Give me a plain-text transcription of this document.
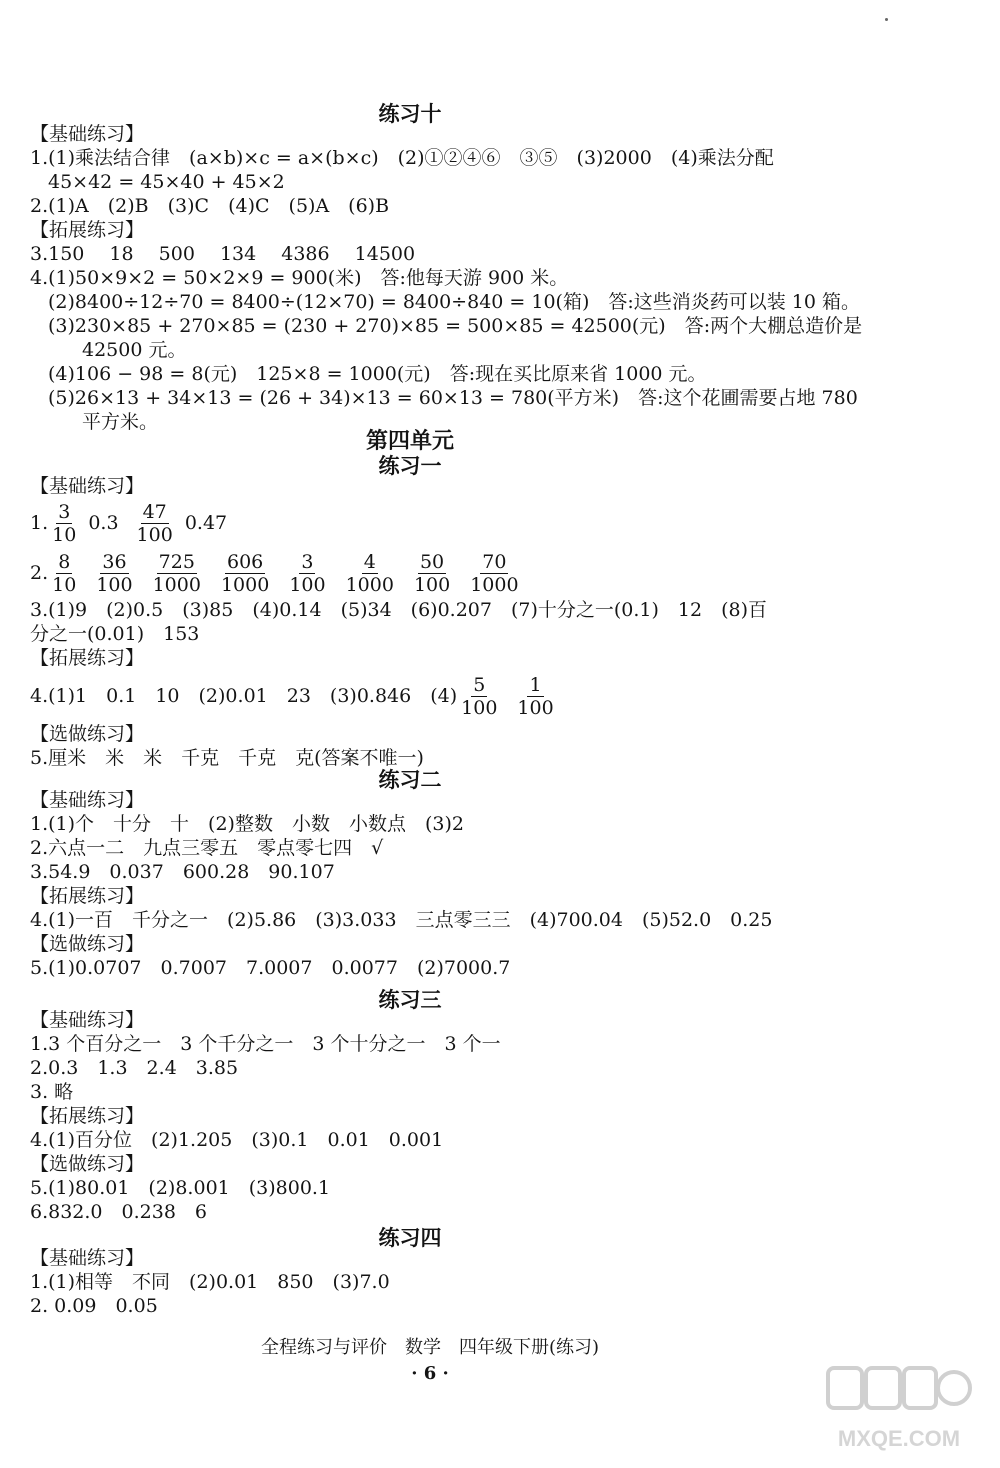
练习十
【基础练习】
1.(1)乘法结合律　(a×b)×c = a×(b×c)　(2)①②④⑥　③⑤　(3)2000　(4)乘法分配
45×42 = 45×40 + 45×2
2.(1)A　(2)B　(3)C　(4)C　(5)A　(6)B
【拓展练习】
3.150　 18　 500　 134　 4386　 14500
4.(1)50×9×2 = 50×2×9 = 900(米)　答:他每天游 900 米。
(2)8400÷12÷70 = 8400÷(12×70) = 8400÷840 = 10(箱)　答:这些消炎药可以装 10 箱。
(3)230×85 + 270×85 = (230 + 270)×85 = 500×85 = 42500(元)　答:两个大棚总造价是
42500 元。
(4)106 − 98 = 8(元)　125×8 = 1000(元)　答:现在买比原来省 1000 元。
(5)26×13 + 34×13 = (26 + 34)×13 = 60×13 = 780(平方米)　答:这个花圃需要占地 780
平方米。
第四单元
练习一
【基础练习】
1. $\frac{3}{10} 0.3 \frac{47}{100} 0.47$
2. $\frac{8}{10} \frac{36}{100} \frac{725}{1000} \frac{606}{1000} \frac{3}{100} \frac{4}{1000} \frac{50}{100} \frac{70}{1000}$
3.(1)9　(2)0.5　(3)85　(4)0.14　(5)34　(6)0.207　(7)十分之一(0.1)　12　(8)百
分之一(0.01)　153
【拓展练习】
4.(1)1　0.1　10　(2)0.01　23　(3)0.846　$(4) \frac{5}{100} \frac{1}{100}$
【选做练习】
5.厘米　米　米　千克　千克　克(答案不唯一)
练习二
【基础练习】
1.(1)个　十分　十　(2)整数　小数　小数点　(3)2
2.六点一二　九点三零五　零点零七四　√
3.54.9　0.037　600.28　90.107
【拓展练习】
4.(1)一百　千分之一　(2)5.86　(3)3.033　三点零三三　(4)700.04　(5)52.0　0.25
【选做练习】
5.(1)0.0707　0.7007　7.0007　0.0077　(2)7000.7
练习三
【基础练习】
1.3 个百分之一　3 个千分之一　3 个十分之一　3 个一
2.0.3　1.3　2.4　3.85
3. 略
【拓展练习】
4.(1)百分位　(2)1.205　(3)0.1　0.01　0.001
【选做练习】
5.(1)80.01　(2)8.001　(3)800.1
6.832.0　0.238　6
练习四
【基础练习】
1.(1)相等　不同　(2)0.01　850　(3)7.0
2. 0.09　0.05
全程练习与评价　数学　四年级下册(练习)
· 6 ·
MXQE.COM
